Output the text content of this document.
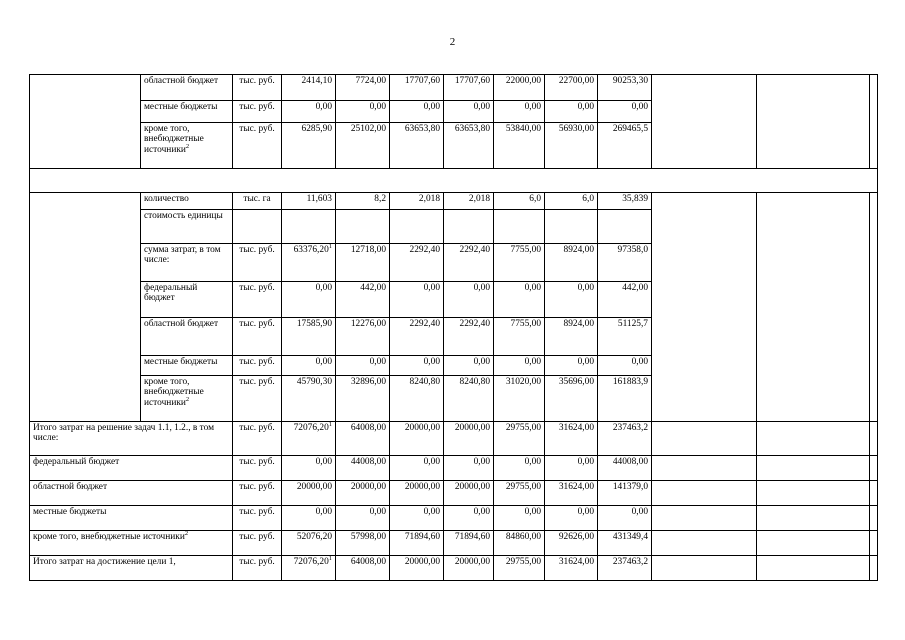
2
	областной бюджет	тыс. руб.	2414,10	7724,00	17707,60	17707,60	22000,00	22700,00	90253,30			
	местные бюджеты	тыс. руб.	0,00	0,00	0,00	0,00	0,00	0,00	0,00			
	кроме того, внебюджетные источники$^2$	тыс. руб.	6285,90	25102,00	63653,80	63653,80	53840,00	56930,00	269465,5			

	количество	тыс. га	11,603	8,2	2,018	2,018	6,0	6,0	35,839			
	стоимость единицы											
	сумма затрат, в том числе:	тыс. руб.	63376,20$^1$	12718,00	2292,40	2292,40	7755,00	8924,00	97358,0			
	федеральный бюджет	тыс. руб.	0,00	442,00	0,00	0,00	0,00	0,00	442,00			
	областной бюджет	тыс. руб.	17585,90	12276,00	2292,40	2292,40	7755,00	8924,00	51125,7			
	местные бюджеты	тыс. руб.	0,00	0,00	0,00	0,00	0,00	0,00	0,00			
	кроме того, внебюджетные источники$^2$	тыс. руб.	45790,30	32896,00	8240,80	8240,80	31020,00	35696,00	161883,9			
Итого затрат на решение задач 1.1, 1.2., в том числе:		тыс. руб.	72076,20$^1$	64008,00	20000,00	20000,00	29755,00	31624,00	237463,2			
федеральный бюджет		тыс. руб.	0,00	44008,00	0,00	0,00	0,00	0,00	44008,00			
областной бюджет		тыс. руб.	20000,00	20000,00	20000,00	20000,00	29755,00	31624,00	141379,0			
местные бюджеты		тыс. руб.	0,00	0,00	0,00	0,00	0,00	0,00	0,00			
кроме того, внебюджетные источники$^2$		тыс. руб.	52076,20	57998,00	71894,60	71894,60	84860,00	92626,00	431349,4			
Итого затрат на достижение цели 1,		тыс. руб.	72076,20$^1$	64008,00	20000,00	20000,00	29755,00	31624,00	237463,2			
